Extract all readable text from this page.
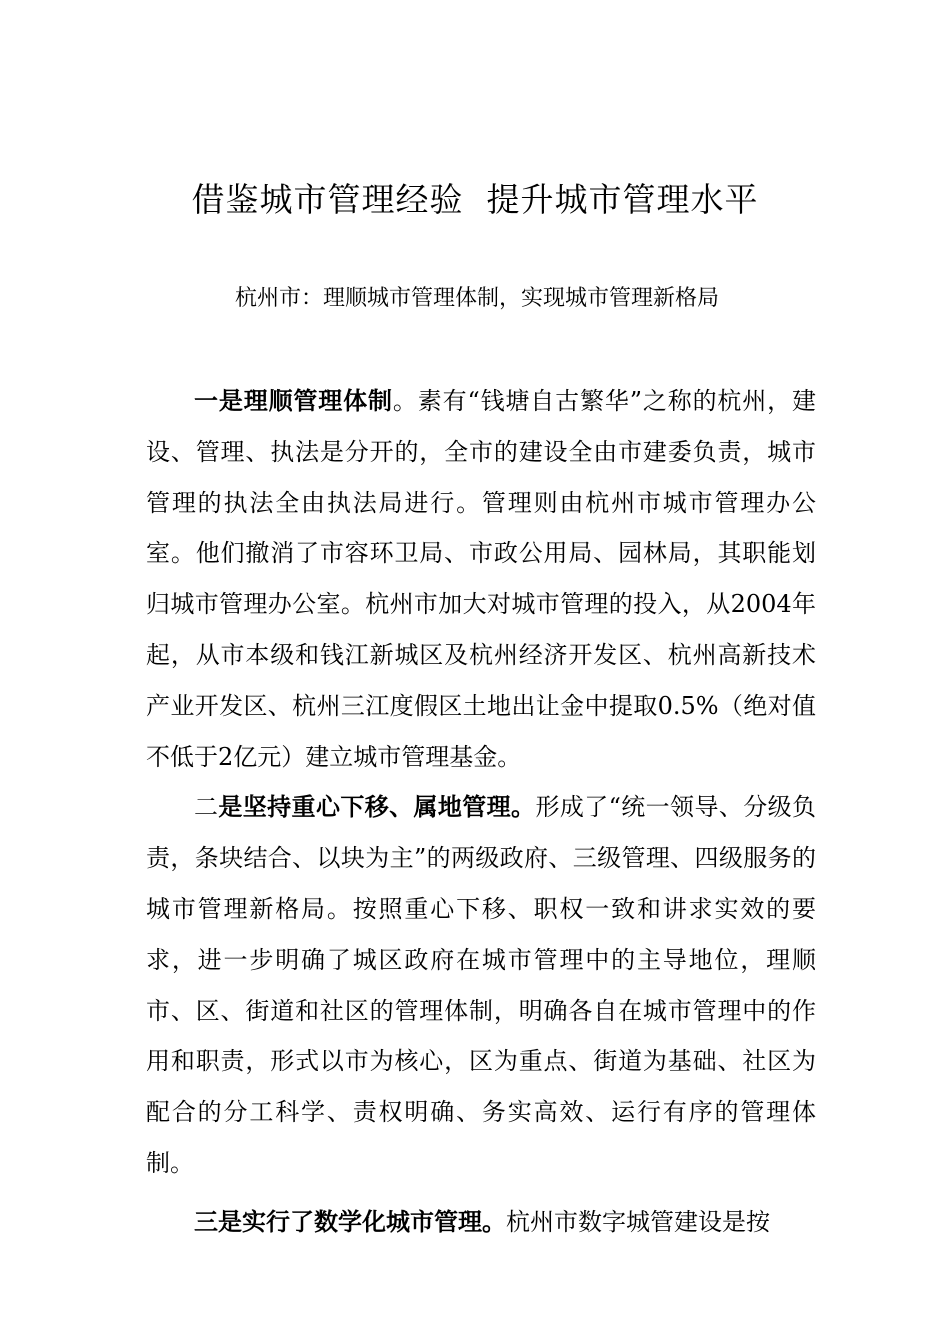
借鉴城市管理经验  提升城市管理水平
杭州市：理顺城市管理体制，实现城市管理新格局

一是理顺管理体制。素有“钱塘自古繁华”之称的杭州，建设、管理、执法是分开的，全市的建设全由市建委负责，城市管理的执法全由执法局进行。管理则由杭州市城市管理办公室。他们撤消了市容环卫局、市政公用局、园林局，其职能划归城市管理办公室。杭州市加大对城市管理的投入，从2004年起，从市本级和钱江新城区及杭州经济开发区、杭州高新技术产业开发区、杭州三江度假区土地出让金中提取0.5%（绝对值不低于2亿元）建立城市管理基金。

二是坚持重心下移、属地管理。形成了“统一领导、分级负责，条块结合、以块为主”的两级政府、三级管理、四级服务的城市管理新格局。按照重心下移、职权一致和讲求实效的要求，进一步明确了城区政府在城市管理中的主导地位，理顺市、区、街道和社区的管理体制，明确各自在城市管理中的作用和职责，形式以市为核心，区为重点、街道为基础、社区为配合的分工科学、责权明确、务实高效、运行有序的管理体制。

三是实行了数学化城市管理。杭州市数字城管建设是按
